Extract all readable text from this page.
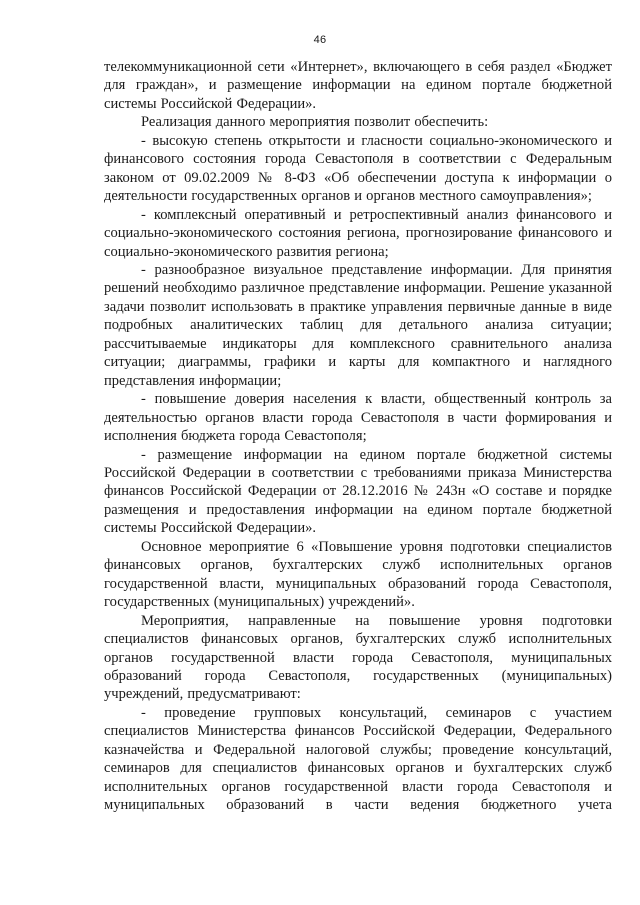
46

телекоммуникационной сети «Интернет», включающего в себя раздел «Бюджет для граждан», и размещение информации на едином портале бюджетной системы Российской Федерации».

Реализация данного мероприятия позволит обеспечить:

- высокую степень открытости и гласности социально-экономического и финансового состояния города Севастополя в соответствии с Федеральным законом от 09.02.2009 № 8-ФЗ «Об обеспечении доступа к информации о деятельности государственных органов и органов местного самоуправления»;

- комплексный оперативный и ретроспективный анализ финансового и социально-экономического состояния региона, прогнозирование финансового и социально-экономического развития региона;

- разнообразное визуальное представление информации. Для принятия решений необходимо различное представление информации. Решение указанной задачи позволит использовать в практике управления первичные данные в виде подробных аналитических таблиц для детального анализа ситуации; рассчитываемые индикаторы для комплексного сравнительного анализа ситуации; диаграммы, графики и карты для компактного и наглядного представления информации;

- повышение доверия населения к власти, общественный контроль за деятельностью органов власти города Севастополя в части формирования и исполнения бюджета города Севастополя;

- размещение информации на едином портале бюджетной системы Российской Федерации в соответствии с требованиями приказа Министерства финансов Российской Федерации от 28.12.2016 № 243н «О составе и порядке размещения и предоставления информации на едином портале бюджетной системы Российской Федерации».

Основное мероприятие 6 «Повышение уровня подготовки специалистов финансовых органов, бухгалтерских служб исполнительных органов государственной власти, муниципальных образований города Севастополя, государственных (муниципальных) учреждений».

Мероприятия, направленные на повышение уровня подготовки специалистов финансовых органов, бухгалтерских служб исполнительных органов государственной власти города Севастополя, муниципальных образований города Севастополя, государственных (муниципальных) учреждений, предусматривают:

- проведение групповых консультаций, семинаров с участием специалистов Министерства финансов Российской Федерации, Федерального казначейства и Федеральной налоговой службы; проведение консультаций, семинаров для специалистов финансовых органов и бухгалтерских служб исполнительных органов государственной власти города Севастополя и муниципальных образований в части ведения бюджетного учета
